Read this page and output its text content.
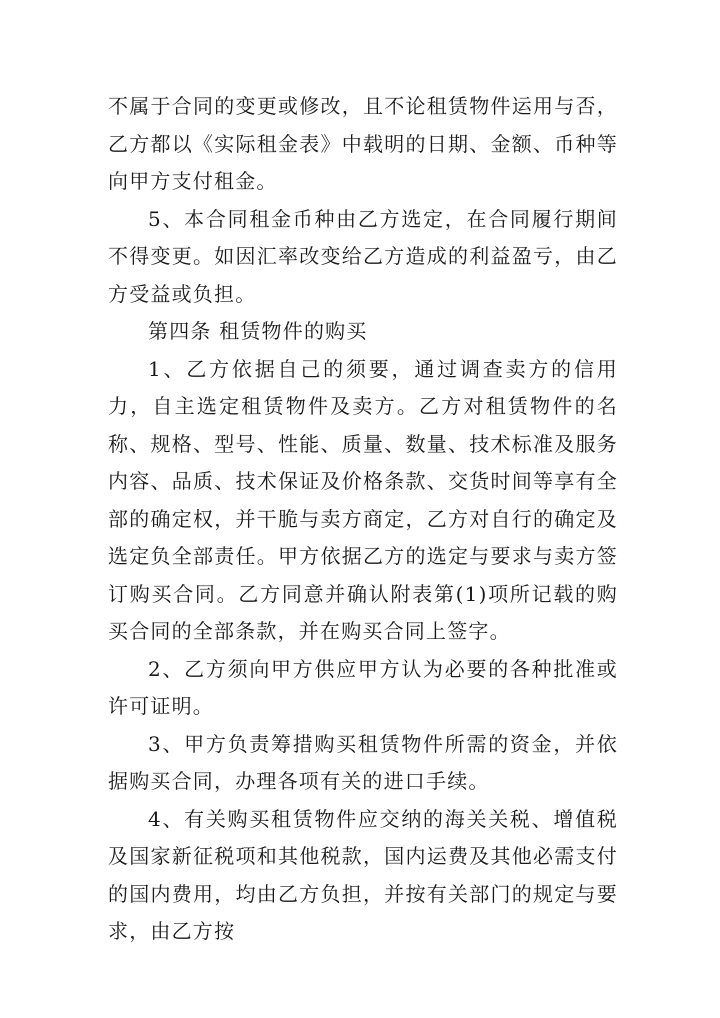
不属于合同的变更或修改，且不论租赁物件运用与否，乙方都以《实际租金表》中载明的日期、金额、币种等向甲方支付租金。

5、本合同租金币种由乙方选定，在合同履行期间不得变更。如因汇率改变给乙方造成的利益盈亏，由乙方受益或负担。

第四条 租赁物件的购买

1、乙方依据自己的须要，通过调查卖方的信用力，自主选定租赁物件及卖方。乙方对租赁物件的名称、规格、型号、性能、质量、数量、技术标准及服务内容、品质、技术保证及价格条款、交货时间等享有全部的确定权，并干脆与卖方商定，乙方对自行的确定及选定负全部责任。甲方依据乙方的选定与要求与卖方签订购买合同。乙方同意并确认附表第(1)项所记载的购买合同的全部条款，并在购买合同上签字。

2、乙方须向甲方供应甲方认为必要的各种批准或许可证明。

3、甲方负责筹措购买租赁物件所需的资金，并依据购买合同，办理各项有关的进口手续。

4、有关购买租赁物件应交纳的海关关税、增值税及国家新征税项和其他税款，国内运费及其他必需支付的国内费用，均由乙方负担，并按有关部门的规定与要求，由乙方按
